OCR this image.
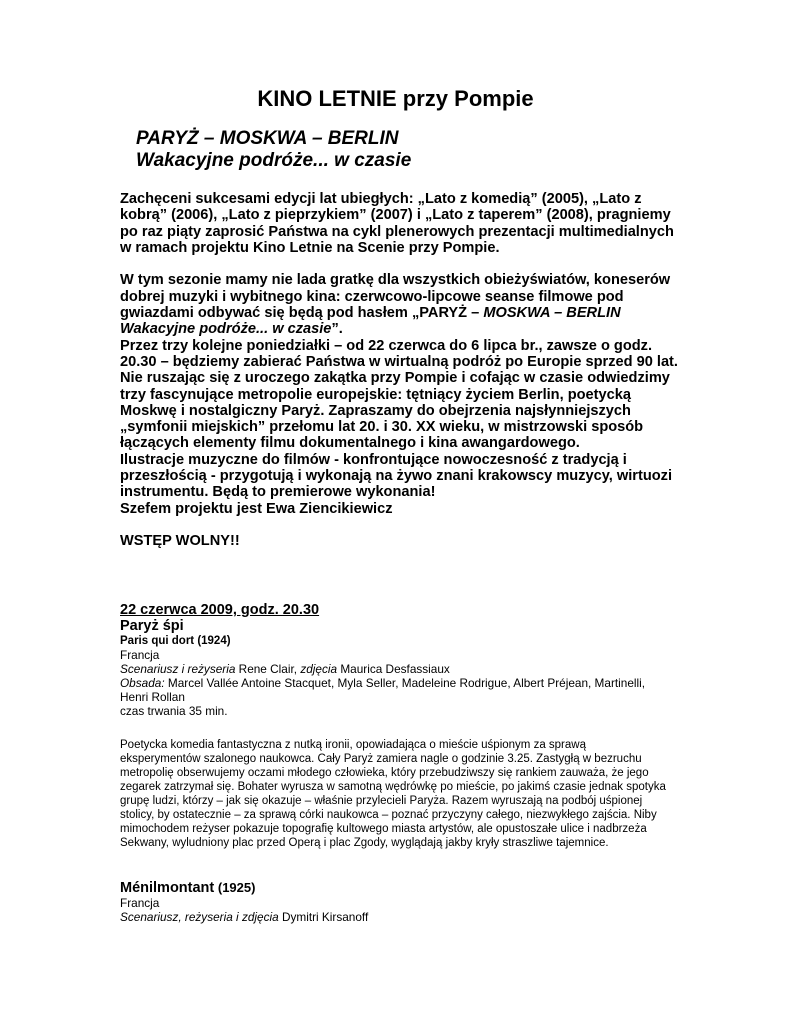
KINO LETNIE przy Pompie

PARYŻ – MOSKWA – BERLIN

Wakacyjne podróże... w czasie

Zachęceni sukcesami edycji lat ubiegłych: „Lato z komedią” (2005), „Lato z kobrą” (2006), „Lato z pieprzykiem” (2007) i „Lato z taperem” (2008), pragniemy po raz piąty zaprosić Państwa na cykl plenerowych prezentacji multimedialnych w ramach projektu Kino Letnie na Scenie przy Pompie.

W tym sezonie mamy nie lada gratkę dla wszystkich obieżyświatów, koneserów dobrej muzyki i wybitnego kina: czerwcowo-lipcowe seanse filmowe pod gwiazdami odbywać się będą pod hasłem „PARYŻ – MOSKWA – BERLIN Wakacyjne podróże... w czasie”.

Przez trzy kolejne poniedziałki – od 22 czerwca do 6 lipca br., zawsze o godz. 20.30 – będziemy zabierać Państwa w wirtualną podróż po Europie sprzed 90 lat. Nie ruszając się z uroczego zakątka przy Pompie i cofając w czasie odwiedzimy trzy fascynujące metropolie europejskie: tętniący życiem Berlin, poetycką Moskwę i nostalgiczny Paryż. Zapraszamy do obejrzenia najsłynniejszych „symfonii miejskich” przełomu lat 20. i 30. XX wieku, w mistrzowski sposób łączących elementy filmu dokumentalnego i kina awangardowego.

Ilustracje muzyczne do filmów - konfrontujące nowoczesność z tradycją i przeszłością - przygotują i wykonają na żywo znani krakowscy muzycy, wirtuozi instrumentu. Będą to premierowe wykonania!

Szefem projektu jest Ewa Ziencikiewicz

WSTĘP WOLNY!!

22 czerwca 2009, godz. 20.30

Paryż śpi

Paris qui dort (1924)

Francja

Scenariusz i reżyseria Rene Clair, zdjęcia Maurica Desfassiaux

Obsada: Marcel Vallée Antoine Stacquet, Myla Seller, Madeleine Rodrigue, Albert Préjean, Martinelli, Henri Rollan

czas trwania 35 min.

Poetycka komedia fantastyczna z nutką ironii, opowiadająca o mieście uśpionym za sprawą eksperymentów szalonego naukowca. Cały Paryż zamiera nagle o godzinie 3.25. Zastygłą w bezruchu metropolię obserwujemy oczami młodego człowieka, który przebudziwszy się rankiem zauważa, że jego zegarek zatrzymał się. Bohater wyrusza w samotną wędrówkę po mieście, po jakimś czasie jednak spotyka grupę ludzi, którzy – jak się okazuje – właśnie przylecieli Paryża. Razem wyruszają na podbój uśpionej stolicy, by ostatecznie – za sprawą córki naukowca – poznać przyczyny całego, niezwykłego zajścia. Niby mimochodem reżyser pokazuje topografię kultowego miasta artystów, ale opustoszałe ulice i nadbrzeża Sekwany, wyludniony plac przed Operą i plac Zgody, wyglądają jakby kryły straszliwe tajemnice.

Ménilmontant (1925)

Francja

Scenariusz, reżyseria i zdjęcia Dymitri Kirsanoff
